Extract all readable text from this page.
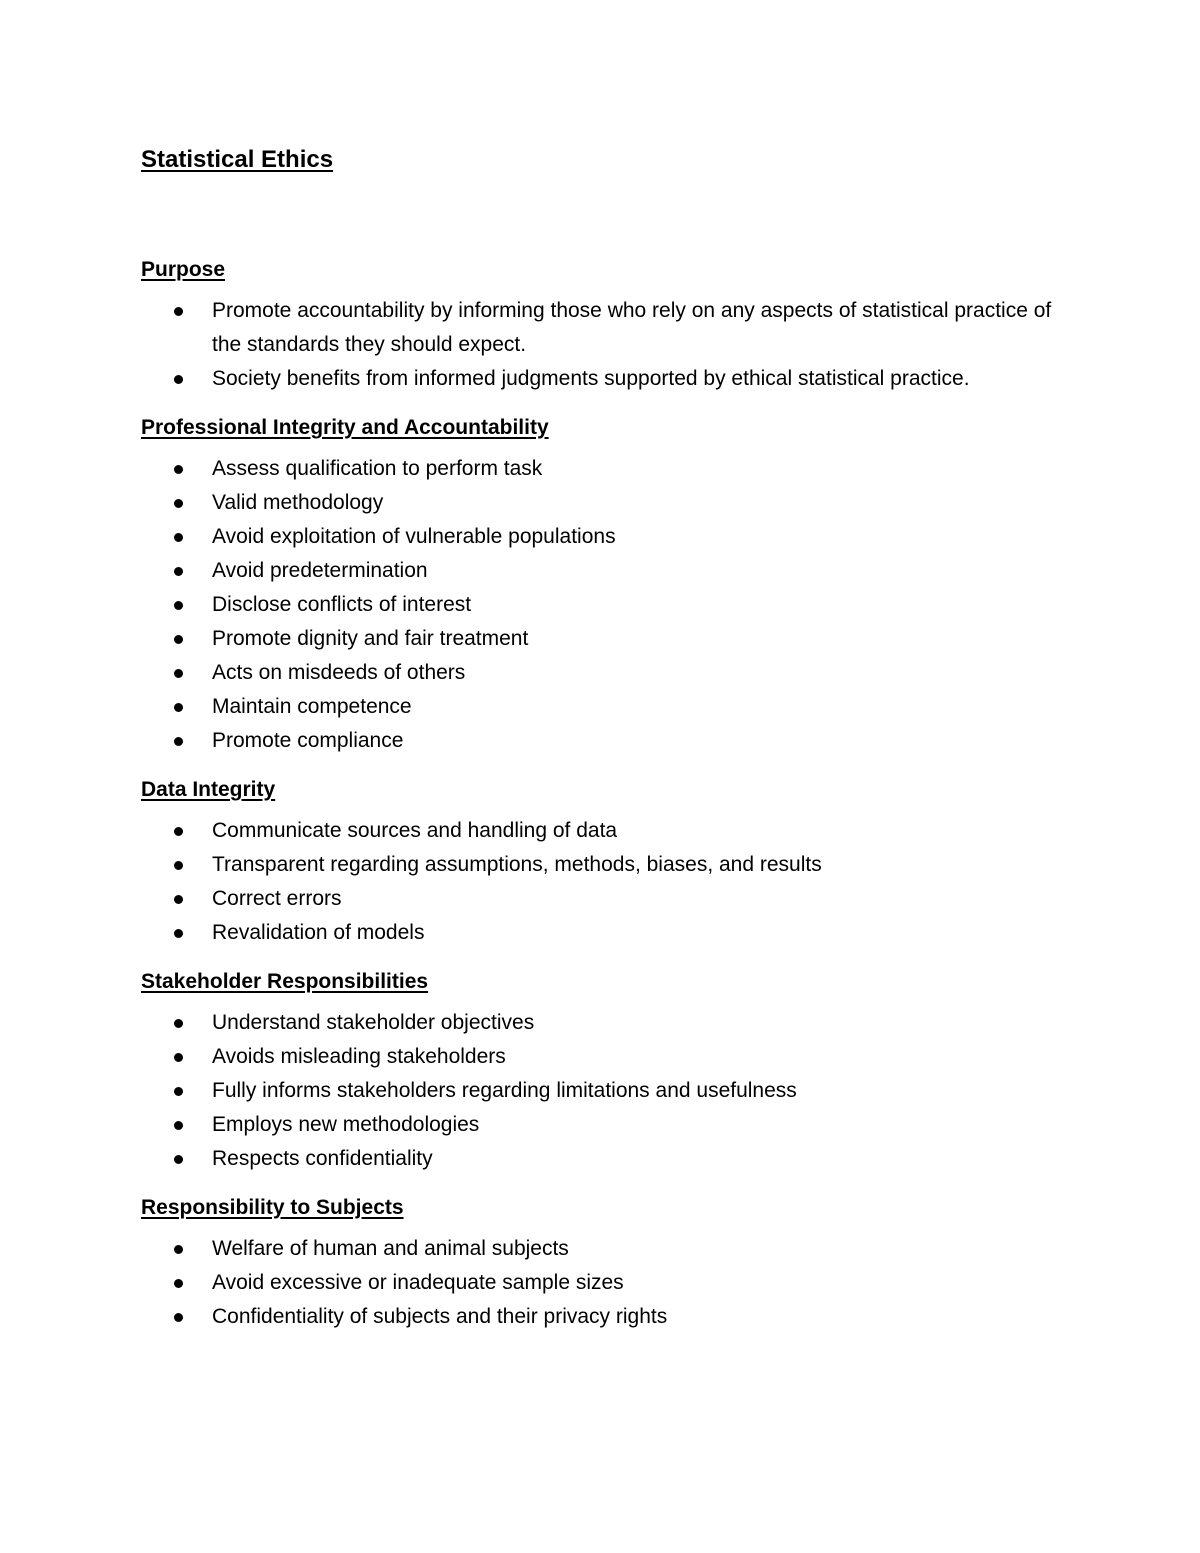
Statistical Ethics
Purpose
Promote accountability by informing those who rely on any aspects of statistical practice of the standards they should expect.
Society benefits from informed judgments supported by ethical statistical practice.
Professional Integrity and Accountability
Assess qualification to perform task
Valid methodology
Avoid exploitation of vulnerable populations
Avoid predetermination
Disclose conflicts of interest
Promote dignity and fair treatment
Acts on misdeeds of others
Maintain competence
Promote compliance
Data Integrity
Communicate sources and handling of data
Transparent regarding assumptions, methods, biases, and results
Correct errors
Revalidation of models
Stakeholder Responsibilities
Understand stakeholder objectives
Avoids misleading stakeholders
Fully informs stakeholders regarding limitations and usefulness
Employs new methodologies
Respects confidentiality
Responsibility to Subjects
Welfare of human and animal subjects
Avoid excessive or inadequate sample sizes
Confidentiality of subjects and their privacy rights
